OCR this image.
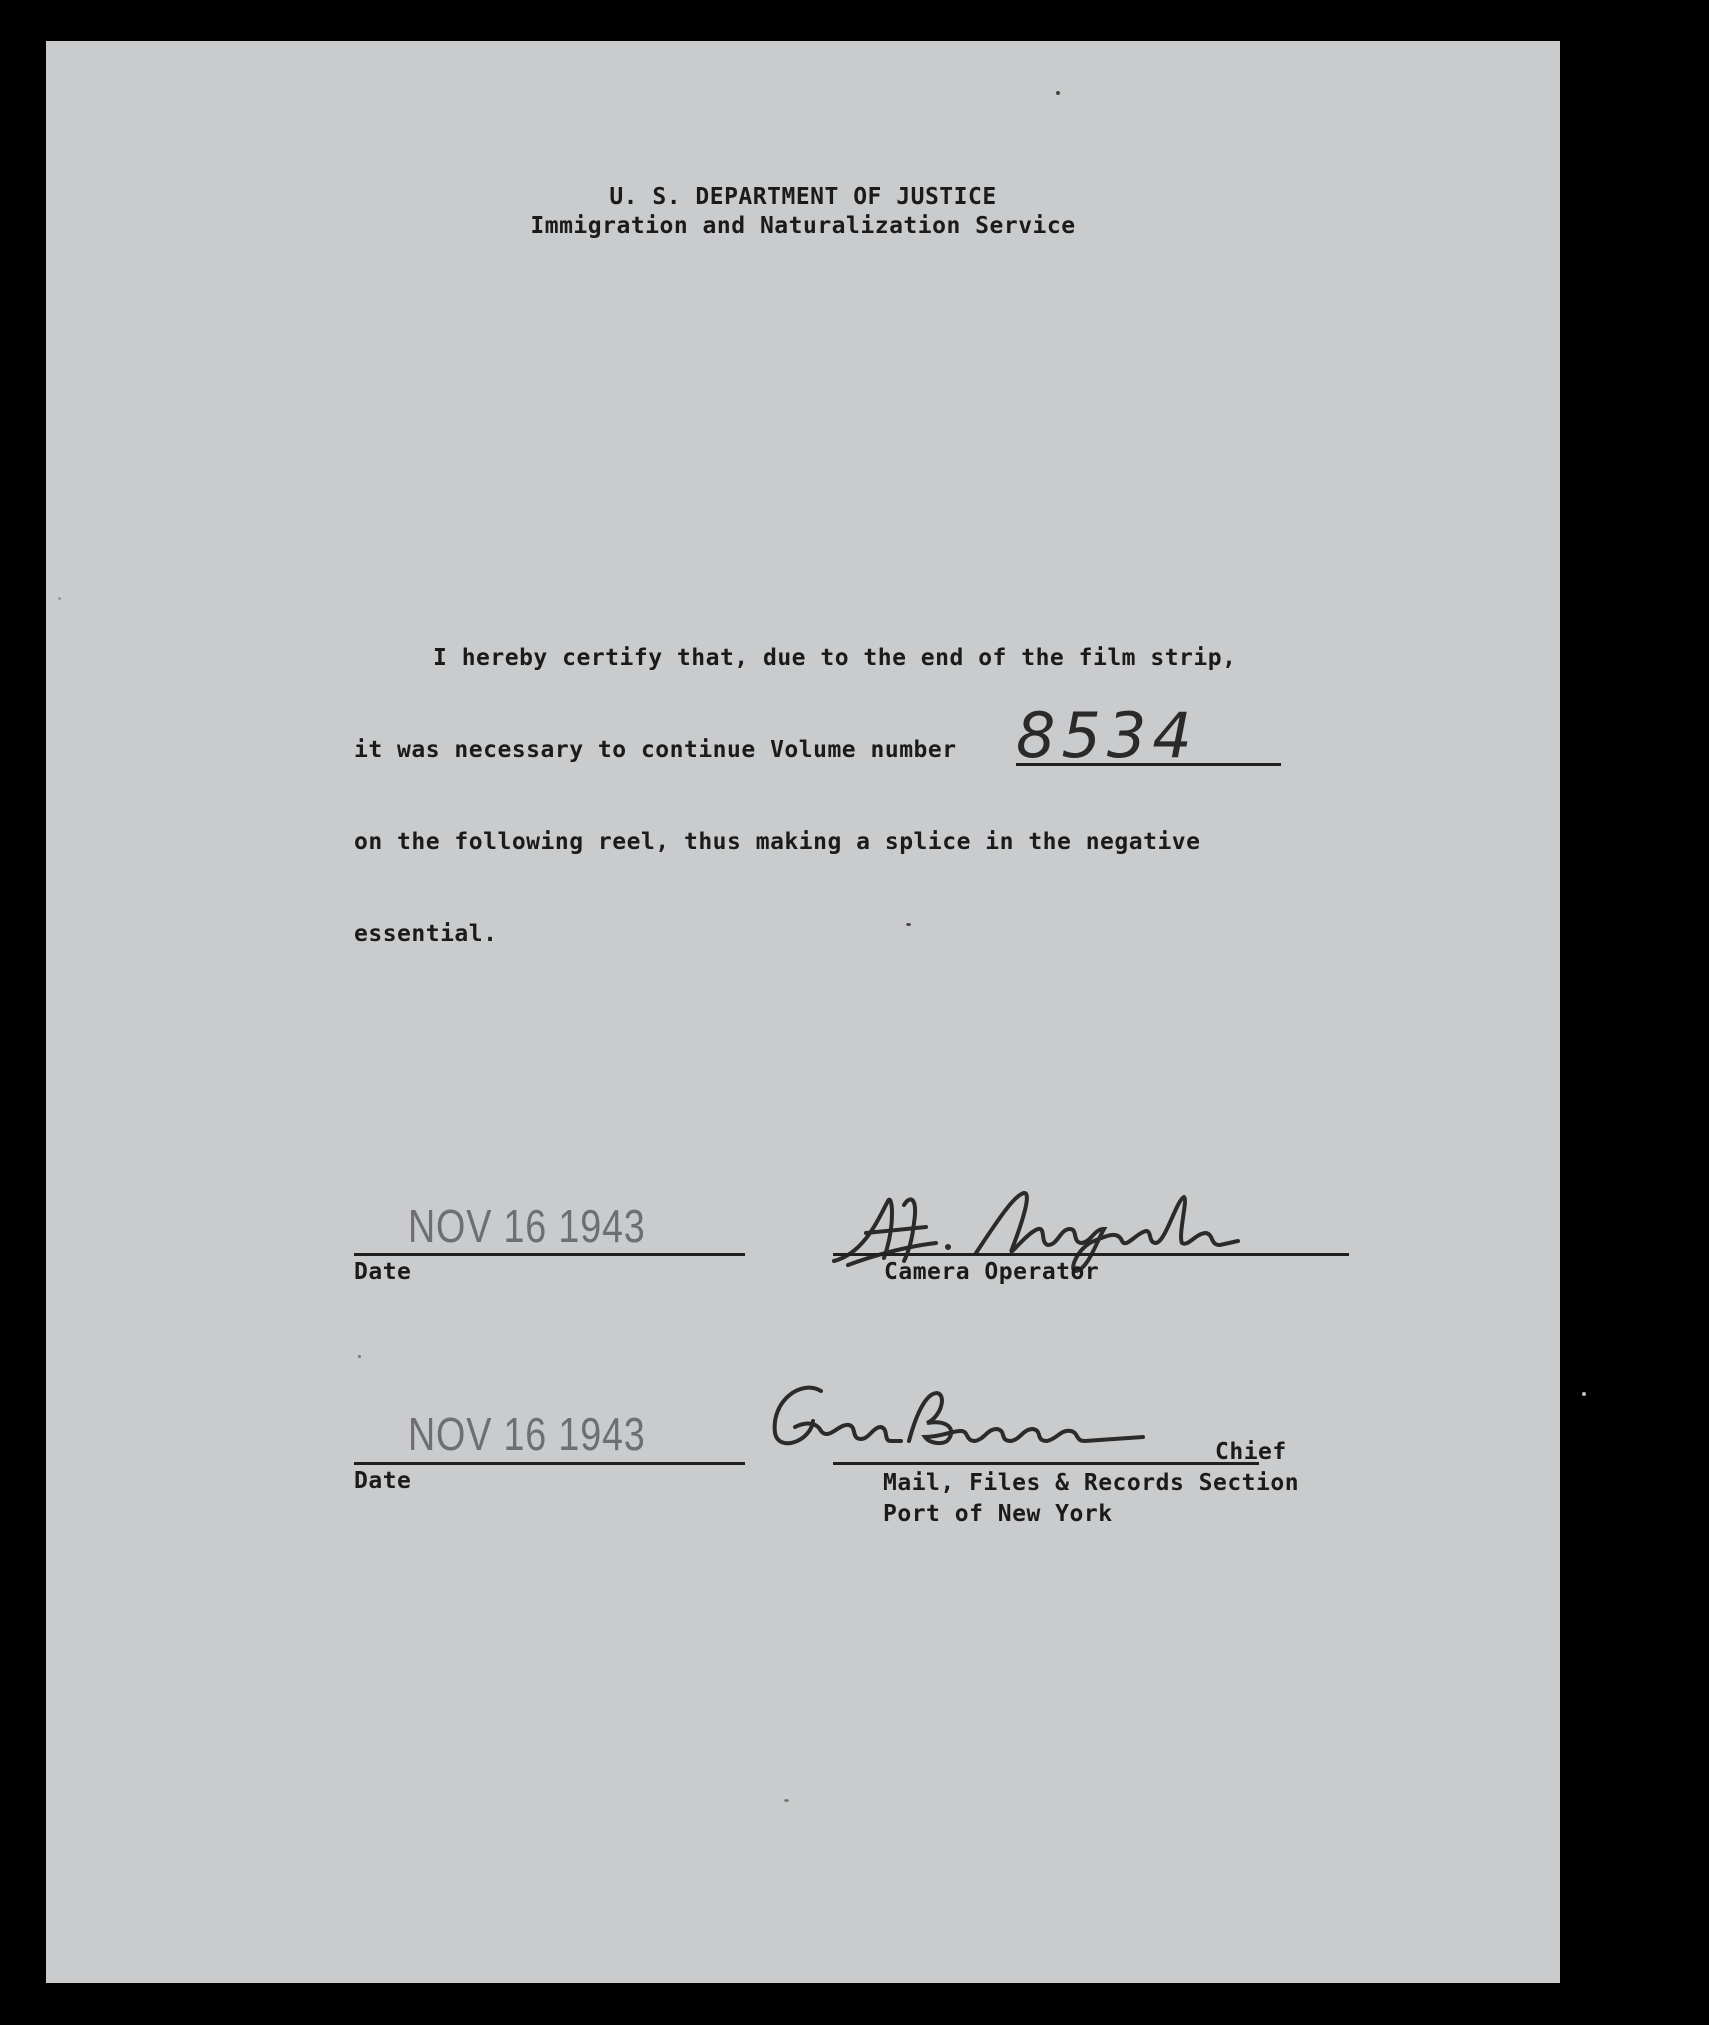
U. S. DEPARTMENT OF JUSTICE
Immigration and Naturalization Service
I hereby certify that, due to the end of the film strip,
it was necessary to continue Volume number 8534
on the following reel, thus making a splice in the negative
essential.
NOV 16 1943
Date	Camera Operator
NOV 16 1943
Date
Chief
Mail, Files & Records Section
Port of New York
